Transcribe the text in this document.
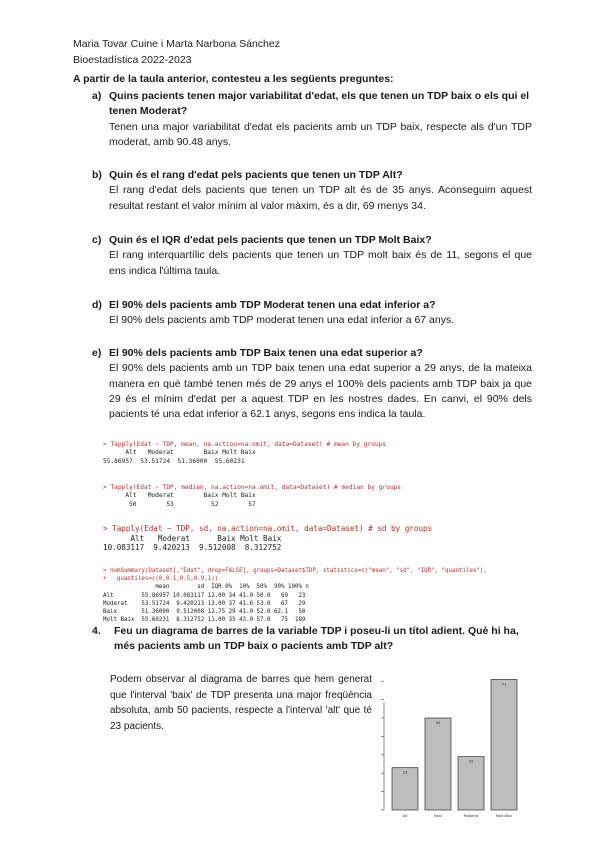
Maria Tovar Cuine i Marta Narbona Sánchez
Bioestadística 2022-2023
A partir de la taula anterior, contesteu a les següents preguntes:
a) Quins pacients tenen major variabilitat d'edat, els que tenen un TDP baix o els qui el tenen Moderat?
Tenen una major variabilitat d'edat els pacients amb un TDP baix, respecte als d'un TDP moderat, amb 90.48 anys.
b) Quin és el rang d'edat pels pacients que tenen un TDP Alt?
El rang d'edat dels pacients que tenen un TDP alt és de 35 anys. Aconseguim aquest resultat restant el valor mínim al valor màxim, és a dir, 69 menys 34.
c) Quin és el IQR d'edat pels pacients que tenen un TDP Molt Baix?
El rang interquartílic dels pacients que tenen un TDP molt baix és de 11, segons el que ens indica l'última taula.
d) El 90% dels pacients amb TDP Moderat tenen una edat inferior a?
El 90% dels pacients amb TDP moderat tenen una edat inferior a 67 anys.
e) El 90% dels pacients amb TDP Baix tenen una edat superior a?
El 90% dels pacients amb un TDP baix tenen una edat superior a 29 anys, de la mateixa manera en què també tenen més de 29 anys el 100% dels pacients amb TDP baix ja que 29 és el mínim d'edat per a aquest TDP en les nostres dades. En canvi, el 90% dels pacients té una edat inferior a 62.1 anys, segons ens indica la taula.
> Tapply(Edat ~ TDP, mean, na.action=na.omit, data=Dataset) # mean by groups
Alt   Moderat        Baix Molt Baix
55.86957  53.51724  51.36000  55.60231
> Tapply(Edat ~ TDP, median, na.action=na.omit, data=Dataset) # median by groups
Alt   Moderat        Baix Molt Baix
50        53          52        57
> Tapply(Edat ~ TDP, sd, na.action=na.omit, data=Dataset) # sd by groups
Alt   Moderat      Baix Molt Baix
10.083117  9.420213  9.512008  8.312752
> numSummary(Dataset[,"Edat", drop=FALSE], groups=Dataset$TDP, statistics=c("mean", "sd", "IQR", "quantiles"),
+   quantiles=c(0,0.1,0.5,0.9,1))
mean        sd  IQR 0%  10%  50%  90% 100% n
Alt        55.86957 10.083117 12.00 34 41.0 50.0   69   23
Moderat    53.51724  9.420213 13.00 37 41.6 53.0   67   29
Baix       51.36000  9.512008 12.75 29 41.0 52.0 62.1   50
Molt Baix  55.60231  8.312752 11.00 35 43.0 57.0   75  189
4. Feu un diagrama de barres de la variable TDP i poseu-li un títol adient. Què hi ha, més pacients amb un TDP baix o pacients amb TDP alt?
Podem observar al diagrama de barres que hem generat que l'interval 'baix' de TDP presenta una major freqüència absoluta, amb 50 pacients, respecte a l'interval 'alt' que té 23 pacients.
23
Alt
50
Baix
29
Moderat
71
Molt Baix
